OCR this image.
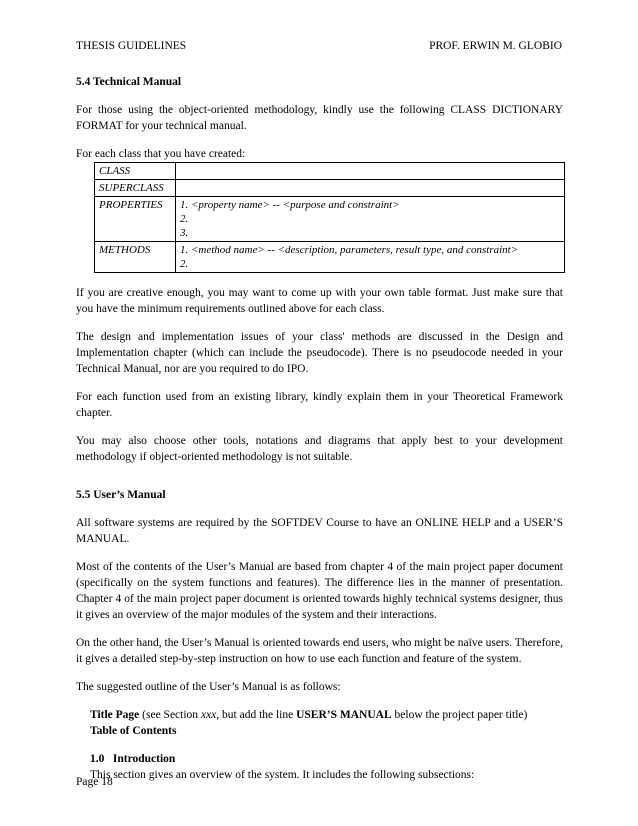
THESIS GUIDELINES	PROF. ERWIN M. GLOBIO
5.4 Technical Manual

For those using the object-oriented methodology, kindly use the following CLASS DICTIONARY FORMAT for your technical manual.

For each class that you have created:

CLASS	
SUPERCLASS	
PROPERTIES	1. <property name> -- <purpose and constraint>
2.
3.

METHODS	1. <method name> -- <description, parameters, result type, and constraint>
2.

If you are creative enough, you may want to come up with your own table format. Just make sure that you have the minimum requirements outlined above for each class.

The design and implementation issues of your class' methods are discussed in the Design and Implementation chapter (which can include the pseudocode). There is no pseudocode needed in your Technical Manual, nor are you required to do IPO.

For each function used from an existing library, kindly explain them in your Theoretical Framework chapter.

You may also choose other tools, notations and diagrams that apply best to your development methodology if object-oriented methodology is not suitable.

5.5 User’s Manual

All software systems are required by the SOFTDEV Course to have an ONLINE HELP and a USER’S MANUAL.

Most of the contents of the User’s Manual are based from chapter 4 of the main project paper document (specifically on the system functions and features). The difference lies in the manner of presentation. Chapter 4 of the main project paper document is oriented towards highly technical systems designer, thus it gives an overview of the major modules of the system and their interactions.

On the other hand, the User’s Manual is oriented towards end users, who might be naïve users. Therefore, it gives a detailed step-by-step instruction on how to use each function and feature of the system.

The suggested outline of the User’s Manual is as follows:

Title Page (see Section xxx, but add the line USER’S MANUAL below the project paper title)

Table of Contents

1.0 Introduction

This section gives an overview of the system. It includes the following subsections:

Page 18
